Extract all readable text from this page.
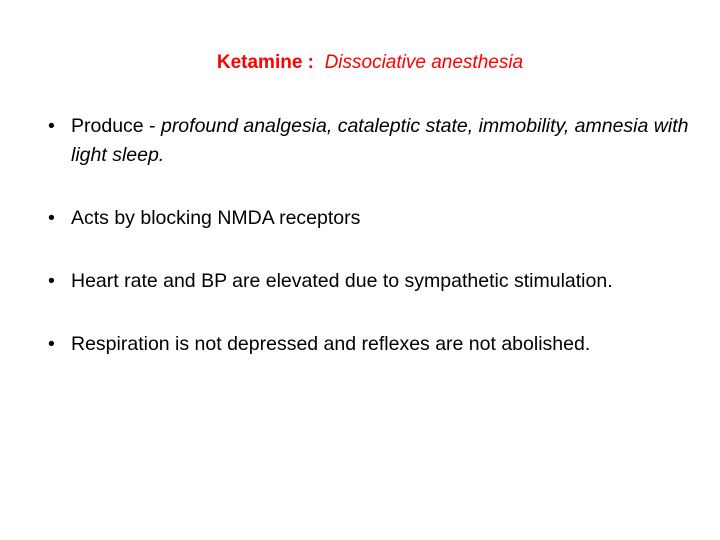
Ketamine : Dissociative anesthesia
• Produce - profound analgesia, cataleptic state, immobility, amnesia with light sleep.
• Acts by blocking NMDA receptors
• Heart rate and BP are elevated due to sympathetic stimulation.
• Respiration is not depressed and reflexes are not abolished.
